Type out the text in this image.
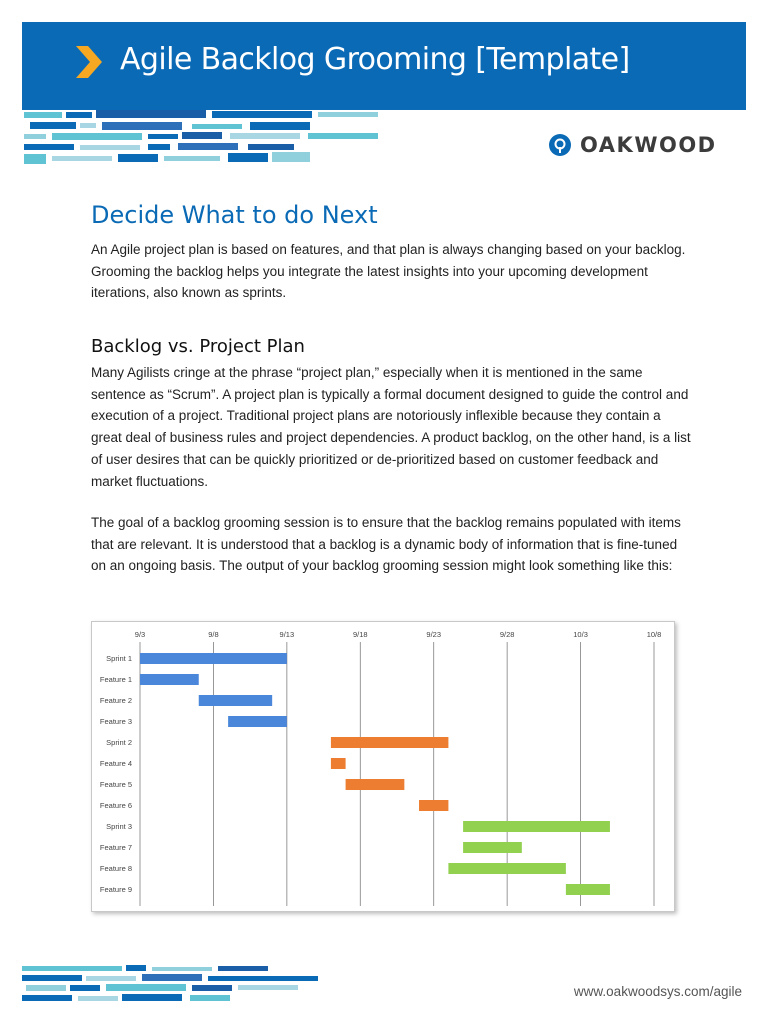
Agile Backlog Grooming [Template]
OAKWOOD
Decide What to do Next
An Agile project plan is based on features, and that plan is always changing based on your backlog. Grooming the backlog helps you integrate the latest insights into your upcoming development iterations, also known as sprints.
Backlog vs. Project Plan
Many Agilists cringe at the phrase “project plan,” especially when it is mentioned in the same sentence as “Scrum”. A project plan is typically a formal document designed to guide the control and execution of a project. Traditional project plans are notoriously inflexible because they contain a great deal of business rules and project dependencies. A product backlog, on the other hand, is a list of user desires that can be quickly prioritized or de-prioritized based on customer feedback and market fluctuations.
The goal of a backlog grooming session is to ensure that the backlog remains populated with items that are relevant. It is understood that a backlog is a dynamic body of information that is fine-tuned on an ongoing basis. The output of your backlog grooming session might look something like this:
9/3	9/8	9/13	9/18	9/23	9/28	10/3	10/8
Sprint 1
Feature 1
Feature 2
Feature 3
Sprint 2
Feature 4
Feature 5
Feature 6
Sprint 3
Feature 7
Feature 8
Feature 9
www.oakwoodsys.com/agile
